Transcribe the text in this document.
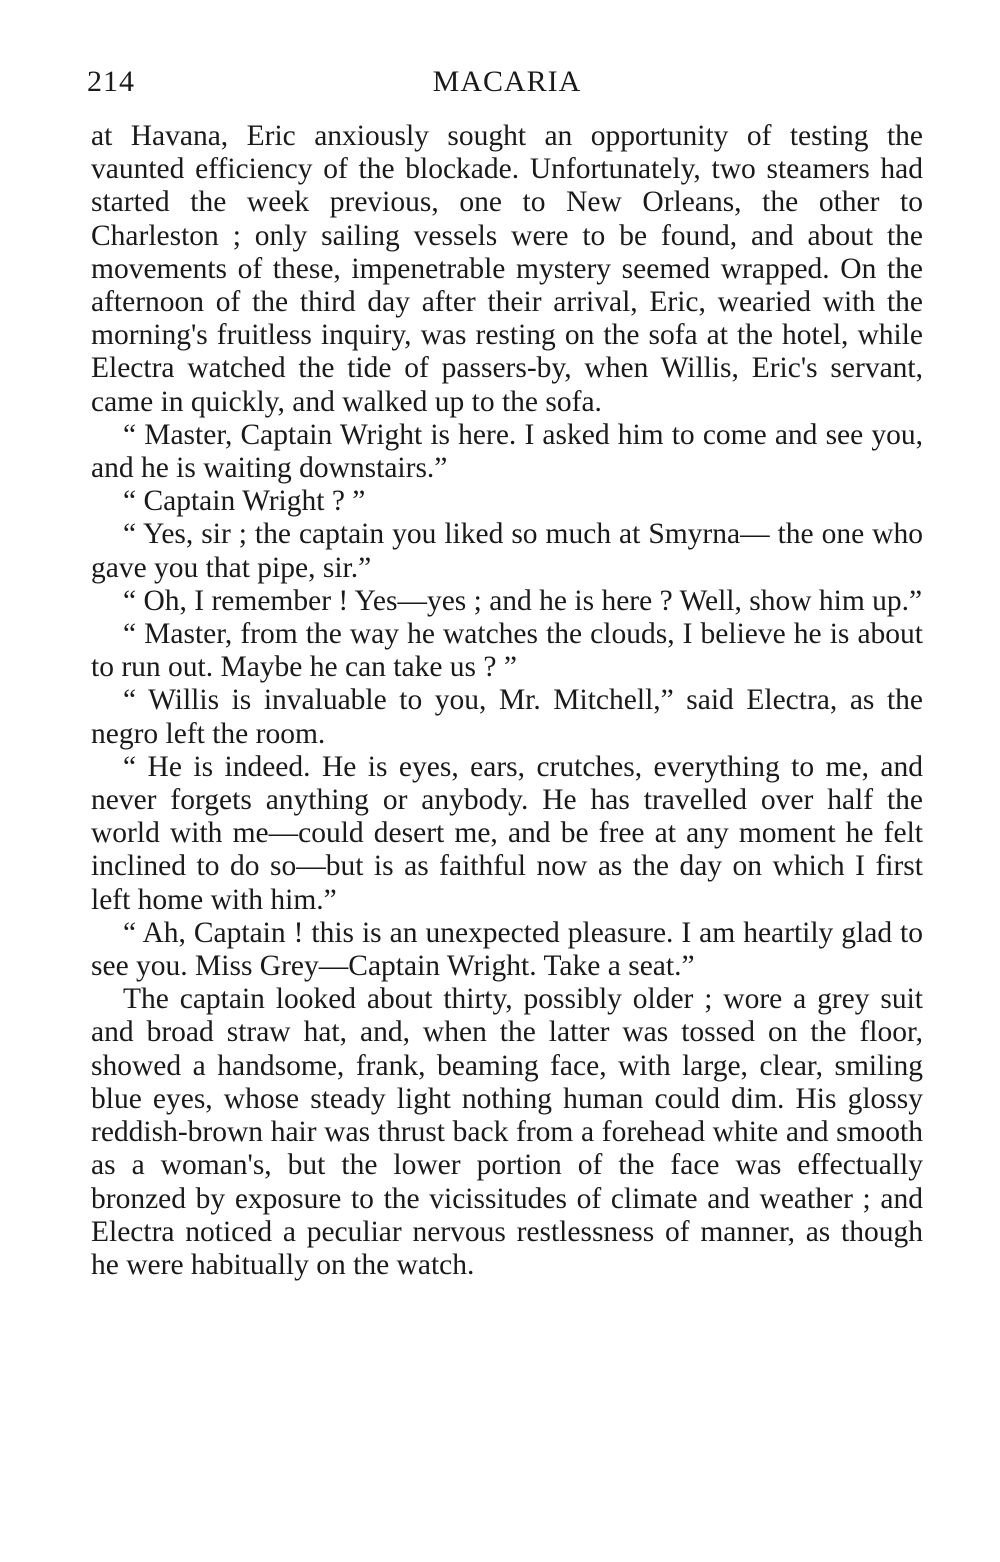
214	MACARIA

at Havana, Eric anxiously sought an opportunity of testing the vaunted efficiency of the blockade. Unfortunately, two steamers had started the week previous, one to New Orleans, the other to Charleston ; only sailing vessels were to be found, and about the movements of these, impenetrable mystery seemed wrapped. On the afternoon of the third day after their arrival, Eric, wearied with the morning's fruitless inquiry, was resting on the sofa at the hotel, while Electra watched the tide of passers-by, when Willis, Eric's servant, came in quickly, and walked up to the sofa.

“ Master, Captain Wright is here. I asked him to come and see you, and he is waiting downstairs.”

“ Captain Wright ? ”

“ Yes, sir ; the captain you liked so much at Smyrna— the one who gave you that pipe, sir.”

“ Oh, I remember ! Yes—yes ; and he is here ? Well, show him up.”

“ Master, from the way he watches the clouds, I believe he is about to run out. Maybe he can take us ? ”

“ Willis is invaluable to you, Mr. Mitchell,” said Electra, as the negro left the room.

“ He is indeed. He is eyes, ears, crutches, everything to me, and never forgets anything or anybody. He has travelled over half the world with me—could desert me, and be free at any moment he felt inclined to do so—but is as faithful now as the day on which I first left home with him.”

“ Ah, Captain ! this is an unexpected pleasure. I am heartily glad to see you. Miss Grey—Captain Wright. Take a seat.”

The captain looked about thirty, possibly older ; wore a grey suit and broad straw hat, and, when the latter was tossed on the floor, showed a handsome, frank, beaming face, with large, clear, smiling blue eyes, whose steady light nothing human could dim. His glossy reddish-brown hair was thrust back from a forehead white and smooth as a woman's, but the lower portion of the face was effectually bronzed by exposure to the vicissitudes of climate and weather ; and Electra noticed a peculiar nervous restlessness of manner, as though he were habitually on the watch.
